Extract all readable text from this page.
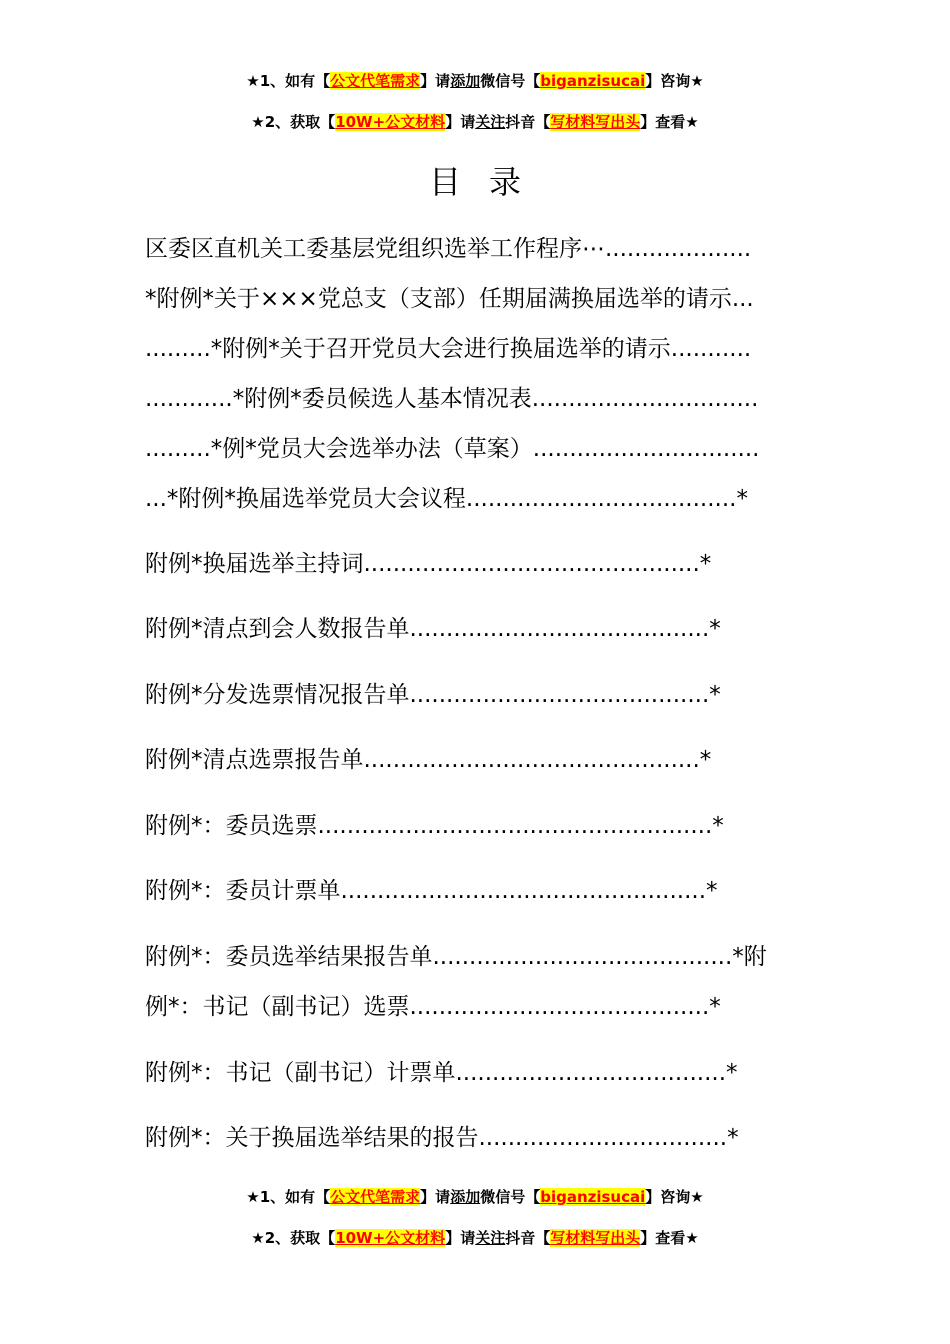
★1、如有【公文代笔需求】请添加微信号【biganzisucai】咨询★
★2、获取【10W+公文材料】请关注抖音【写材料写出头】查看★
目录
区委区直机关工委基层党组织选举工作程序⋯....................
*附例*关于×××党总支（支部）任期届满换届选举的请示...
.........*附例*关于召开党员大会进行换届选举的请示...........
............*附例*委员候选人基本情况表...............................
.........*例*党员大会选举办法（草案）...............................
...*附例*换届选举党员大会议程.....................................*
附例*换届选举主持词..............................................*
附例*清点到会人数报告单.........................................*
附例*分发选票情况报告单.........................................*
附例*清点选票报告单..............................................*
附例*：委员选票......................................................*
附例*：委员计票单..................................................*
附例*：委员选举结果报告单.........................................*附
例*：书记（副书记）选票.........................................*
附例*：书记（副书记）计票单.....................................*
附例*：关于换届选举结果的报告..................................*
★1、如有【公文代笔需求】请添加微信号【biganzisucai】咨询★
★2、获取【10W+公文材料】请关注抖音【写材料写出头】查看★
